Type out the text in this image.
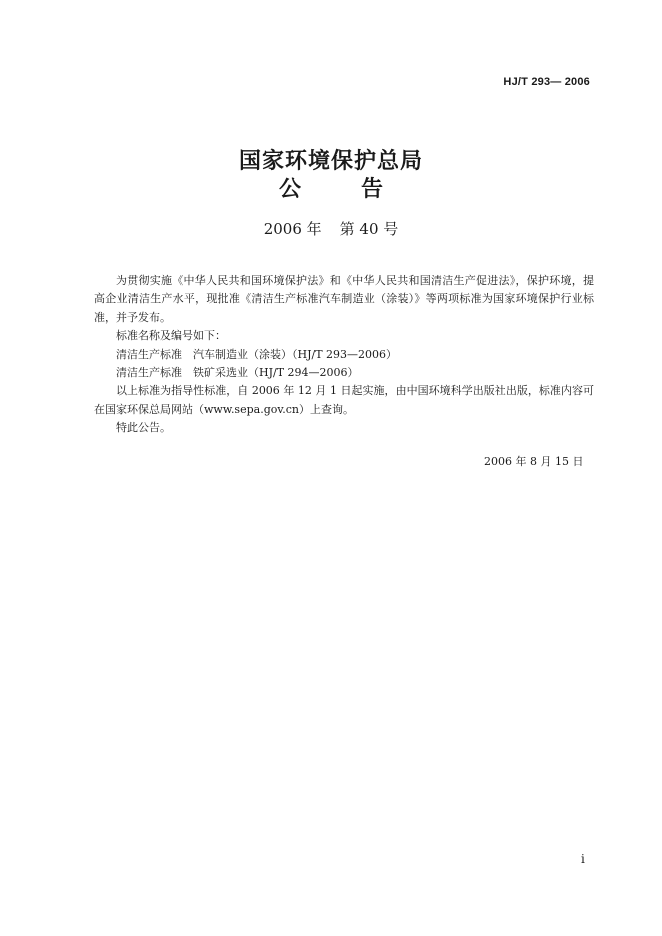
HJ/T 293— 2006
国家环境保护总局
公	告
2006 年 第 40 号

为贯彻实施《中华人民共和国环境保护法》和《中华人民共和国清洁生产促进法》，保护环境，提高企业清洁生产水平，现批准《清洁生产标准汽车制造业（涂装）》等两项标准为国家环境保护行业标准，并予发布。

标准名称及编号如下：

清洁生产标准　汽车制造业（涂装）（HJ/T 293—2006）

清洁生产标准　铁矿采选业（HJ/T 294—2006）

以上标准为指导性标准，自 2006 年 12 月 1 日起实施，由中国环境科学出版社出版，标准内容可在国家环保总局网站（www.sepa.gov.cn）上查询。

特此公告。

2006 年 8 月 15 日
i
